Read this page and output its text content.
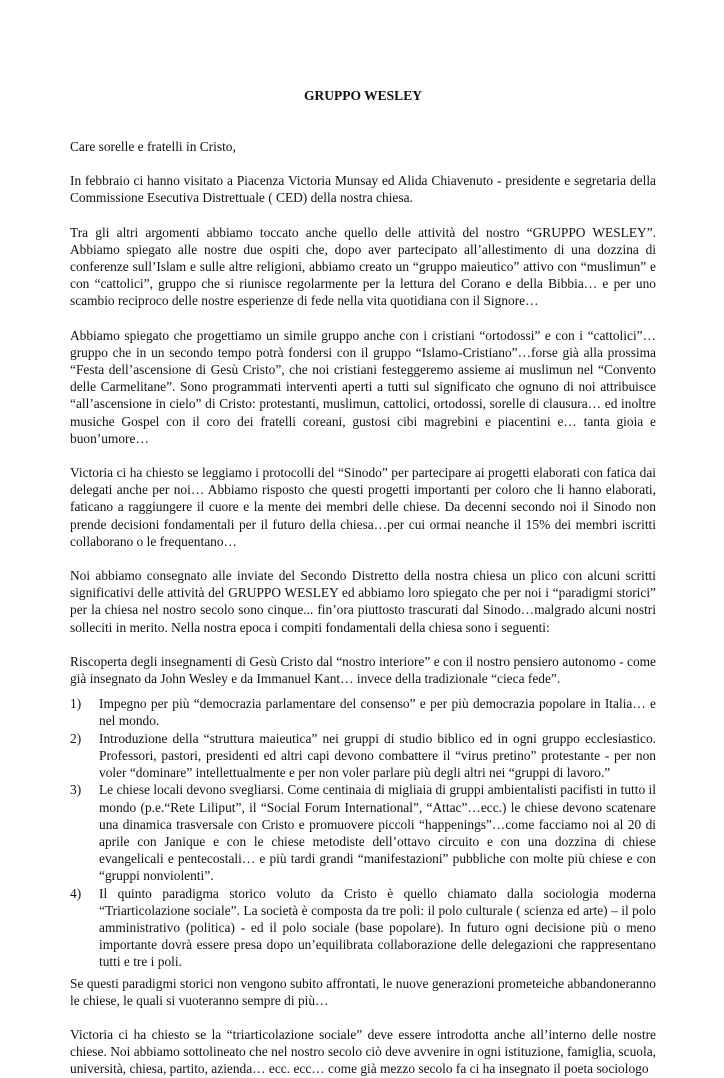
GRUPPO WESLEY

Care sorelle e fratelli in Cristo,

In febbraio ci hanno visitato a Piacenza Victoria Munsay ed Alida Chiavenuto - presidente e segretaria della Commissione Esecutiva Distrettuale ( CED) della nostra chiesa.

Tra gli altri argomenti abbiamo toccato anche quello delle attività del nostro “GRUPPO WESLEY”. Abbiamo spiegato alle nostre due ospiti che, dopo aver partecipato all’allestimento di una dozzina di conferenze sull’Islam e sulle altre religioni, abbiamo creato un “gruppo maieutico” attivo con “muslimun” e con “cattolici”, gruppo che si riunisce regolarmente per la lettura del Corano e della Bibbia… e per uno scambio reciproco delle nostre esperienze di fede nella vita quotidiana con il Signore…

Abbiamo spiegato che progettiamo un simile gruppo anche con i cristiani “ortodossi” e con i “cattolici”… gruppo che in un secondo tempo potrà fondersi con il gruppo “Islamo-Cristiano”…forse già alla prossima “Festa dell’ascensione di Gesù Cristo”, che noi cristiani festeggeremo assieme ai muslimun nel “Convento delle Carmelitane”. Sono programmati interventi aperti a tutti sul significato che ognuno di noi attribuisce “all’ascensione in cielo” di Cristo: protestanti, muslimun, cattolici, ortodossi, sorelle di clausura… ed inoltre musiche Gospel con il coro dei fratelli coreani, gustosi cibi magrebini e piacentini e… tanta gioia e buon’umore…

Victoria ci ha chiesto se leggiamo i protocolli del “Sinodo” per partecipare ai progetti elaborati con fatica dai delegati anche per noi… Abbiamo risposto che questi progetti importanti per coloro che li hanno elaborati, faticano a raggiungere il cuore e la mente dei membri delle chiese. Da decenni secondo noi il Sinodo non prende decisioni fondamentali per il futuro della chiesa…per cui ormai neanche il 15% dei membri iscritti collaborano o le frequentano…

Noi abbiamo consegnato alle inviate del Secondo Distretto della nostra chiesa un plico con alcuni scritti significativi delle attività del GRUPPO WESLEY ed abbiamo loro spiegato che per noi i “paradigmi storici” per la chiesa nel nostro secolo sono cinque... fin’ora piuttosto trascurati dal Sinodo…malgrado alcuni nostri solleciti in merito. Nella nostra epoca i compiti fondamentali della chiesa sono i seguenti:

Riscoperta degli insegnamenti di Gesù Cristo dal “nostro interiore” e con il nostro pensiero autonomo - come già insegnato da John Wesley e da Immanuel Kant… invece della tradizionale “cieca fede”.

1) Impegno per più “democrazia parlamentare del consenso” e per più democrazia popolare in Italia… e nel mondo.
2) Introduzione della “struttura maieutica” nei gruppi di studio biblico ed in ogni gruppo ecclesiastico. Professori, pastori, presidenti ed altri capi devono combattere il “virus pretino” protestante - per non voler “dominare” intellettualmente e per non voler parlare più degli altri nei “gruppi di lavoro.”
3) Le chiese locali devono svegliarsi. Come centinaia di migliaia di gruppi ambientalisti pacifisti in tutto il mondo (p.e.“Rete Liliput”, il “Social Forum International”, “Attac”…ecc.) le chiese devono scatenare una dinamica trasversale con Cristo e promuovere piccoli “happenings”…come facciamo noi al 20 di aprile con Janique e con le chiese metodiste dell’ottavo circuito e con una dozzina di chiese evangelicali e pentecostali… e più tardi grandi “manifestazioni” pubbliche con molte più chiese e con “gruppi nonviolenti”.
4) Il quinto paradigma storico voluto da Cristo è quello chiamato dalla sociologia moderna “Triarticolazione sociale”. La società è composta da tre poli: il polo culturale ( scienza ed arte) – il polo amministrativo (politica) - ed il polo sociale (base popolare). In futuro ogni decisione più o meno importante dovrà essere presa dopo un’equilibrata collaborazione delle delegazioni che rappresentano tutti e tre i poli.

Se questi paradigmi storici non vengono subito affrontati, le nuove generazioni prometeiche abbandoneranno le chiese, le quali si vuoteranno sempre di più…

Victoria ci ha chiesto se la “triarticolazione sociale” deve essere introdotta anche all’interno delle nostre chiese. Noi abbiamo sottolineato che nel nostro secolo ciò deve avvenire in ogni istituzione, famiglia, scuola, università, chiesa, partito, azienda… ecc. ecc… come già mezzo secolo fa ci ha insegnato il poeta sociologo
